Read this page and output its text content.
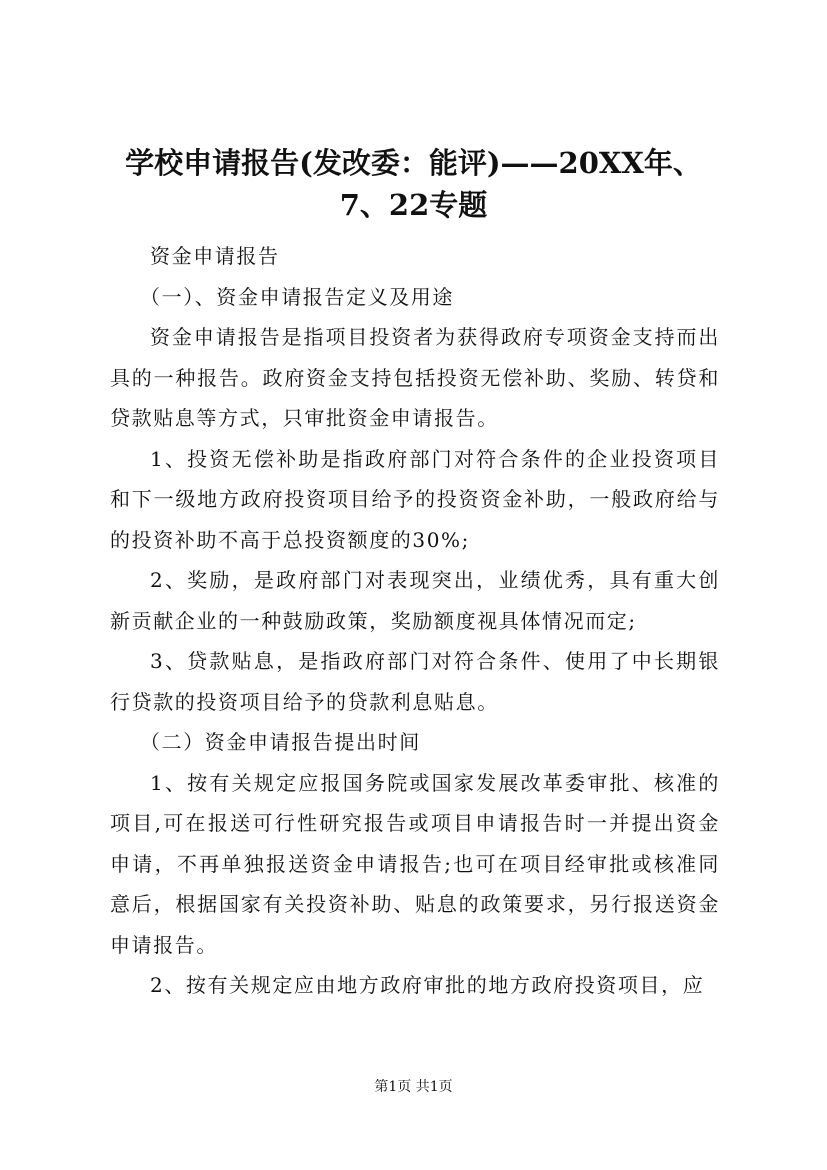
学校申请报告(发改委：能评)——20XX年、
7、22专题

资金申请报告

（一）、资金申请报告定义及用途

资金申请报告是指项目投资者为获得政府专项资金支持而出具的一种报告。政府资金支持包括投资无偿补助、奖励、转贷和贷款贴息等方式，只审批资金申请报告。

1、投资无偿补助是指政府部门对符合条件的企业投资项目和下一级地方政府投资项目给予的投资资金补助，一般政府给与的投资补助不高于总投资额度的30%;

2、奖励，是政府部门对表现突出，业绩优秀，具有重大创新贡献企业的一种鼓励政策，奖励额度视具体情况而定;

3、贷款贴息，是指政府部门对符合条件、使用了中长期银行贷款的投资项目给予的贷款利息贴息。

（二）资金申请报告提出时间

1、按有关规定应报国务院或国家发展改革委审批、核准的项目,可在报送可行性研究报告或项目申请报告时一并提出资金申请，不再单独报送资金申请报告;也可在项目经审批或核准同意后，根据国家有关投资补助、贴息的政策要求，另行报送资金申请报告。

2、按有关规定应由地方政府审批的地方政府投资项目，应

第1页 共1页
